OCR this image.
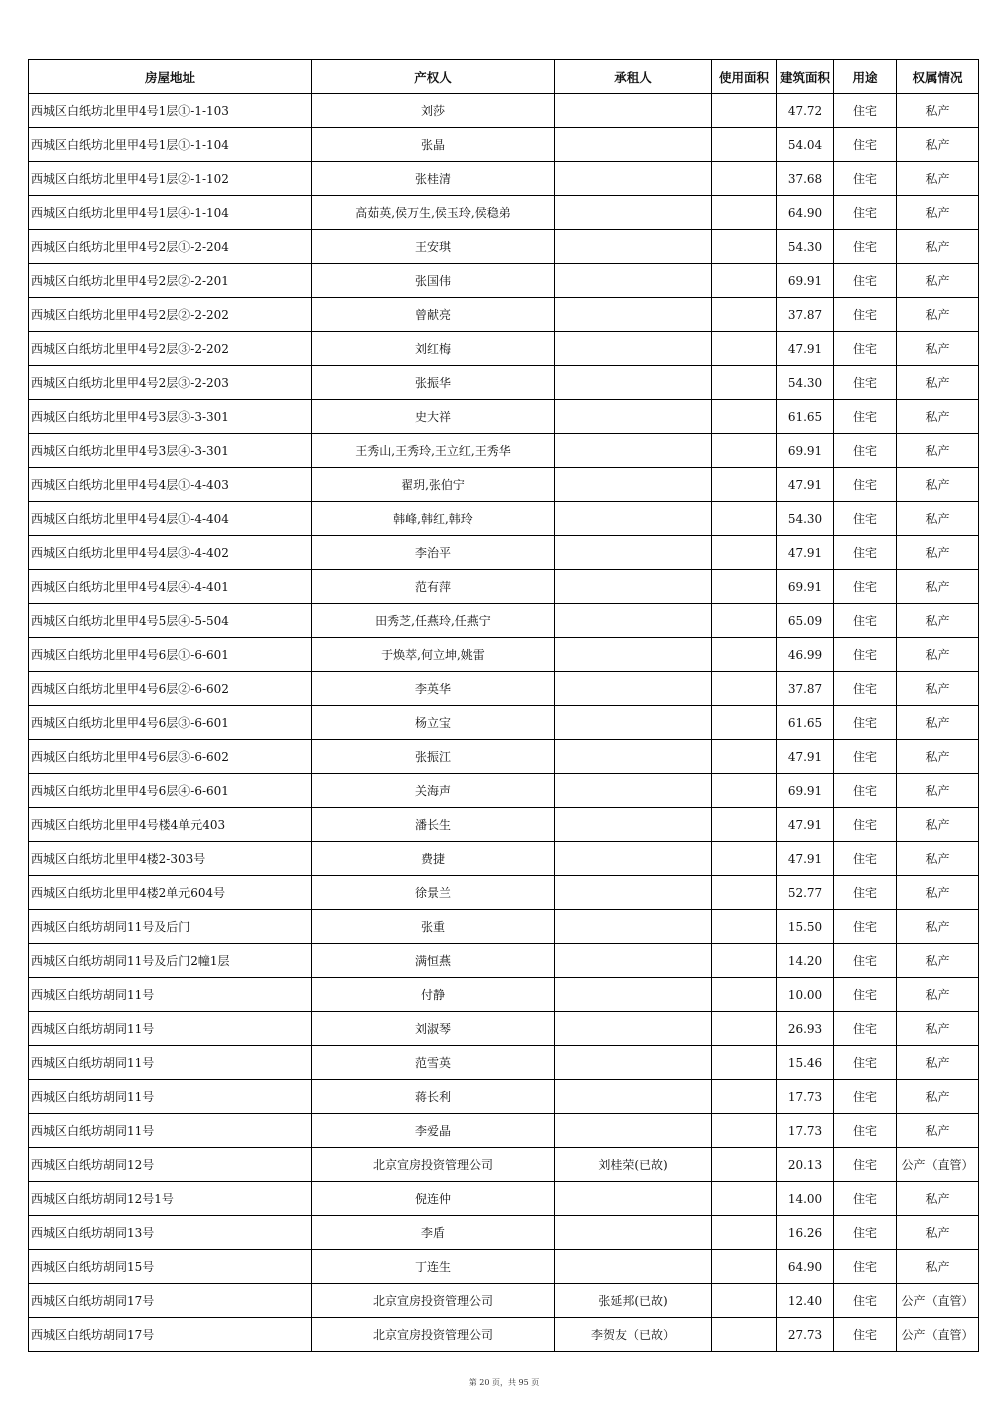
房屋地址	产权人	承租人	使用面积	建筑面积	用途	权属情况
西城区白纸坊北里甲4号1层①-1-103	刘莎			47.72	住宅	私产
西城区白纸坊北里甲4号1层①-1-104	张晶			54.04	住宅	私产
西城区白纸坊北里甲4号1层②-1-102	张桂清			37.68	住宅	私产
西城区白纸坊北里甲4号1层④-1-104	高茹英,侯万生,侯玉玲,侯稳弟			64.90	住宅	私产
西城区白纸坊北里甲4号2层①-2-204	王安琪			54.30	住宅	私产
西城区白纸坊北里甲4号2层②-2-201	张国伟			69.91	住宅	私产
西城区白纸坊北里甲4号2层②-2-202	曾献亮			37.87	住宅	私产
西城区白纸坊北里甲4号2层③-2-202	刘红梅			47.91	住宅	私产
西城区白纸坊北里甲4号2层③-2-203	张振华			54.30	住宅	私产
西城区白纸坊北里甲4号3层③-3-301	史大祥			61.65	住宅	私产
西城区白纸坊北里甲4号3层④-3-301	王秀山,王秀玲,王立红,王秀华			69.91	住宅	私产
西城区白纸坊北里甲4号4层①-4-403	翟玥,张伯宁			47.91	住宅	私产
西城区白纸坊北里甲4号4层①-4-404	韩峰,韩红,韩玲			54.30	住宅	私产
西城区白纸坊北里甲4号4层③-4-402	李治平			47.91	住宅	私产
西城区白纸坊北里甲4号4层④-4-401	范有萍			69.91	住宅	私产
西城区白纸坊北里甲4号5层④-5-504	田秀芝,任燕玲,任燕宁			65.09	住宅	私产
西城区白纸坊北里甲4号6层①-6-601	于焕萃,何立坤,姚雷			46.99	住宅	私产
西城区白纸坊北里甲4号6层②-6-602	李英华			37.87	住宅	私产
西城区白纸坊北里甲4号6层③-6-601	杨立宝			61.65	住宅	私产
西城区白纸坊北里甲4号6层③-6-602	张振江			47.91	住宅	私产
西城区白纸坊北里甲4号6层④-6-601	关海声			69.91	住宅	私产
西城区白纸坊北里甲4号楼4单元403	潘长生			47.91	住宅	私产
西城区白纸坊北里甲4楼2-303号	费捷			47.91	住宅	私产
西城区白纸坊北里甲4楼2单元604号	徐景兰			52.77	住宅	私产
西城区白纸坊胡同11号及后门	张重			15.50	住宅	私产
西城区白纸坊胡同11号及后门2幢1层	满恒燕			14.20	住宅	私产
西城区白纸坊胡同11号	付静			10.00	住宅	私产
西城区白纸坊胡同11号	刘淑琴			26.93	住宅	私产
西城区白纸坊胡同11号	范雪英			15.46	住宅	私产
西城区白纸坊胡同11号	蒋长利			17.73	住宅	私产
西城区白纸坊胡同11号	李爱晶			17.73	住宅	私产
西城区白纸坊胡同12号	北京宣房投资管理公司	刘桂荣(已故)		20.13	住宅	公产（直管）
西城区白纸坊胡同12号1号	倪连仲			14.00	住宅	私产
西城区白纸坊胡同13号	李盾			16.26	住宅	私产
西城区白纸坊胡同15号	丁连生			64.90	住宅	私产
西城区白纸坊胡同17号	北京宣房投资管理公司	张延邦(已故)		12.40	住宅	公产（直管）
西城区白纸坊胡同17号	北京宣房投资管理公司	李贺友（已故）		27.73	住宅	公产（直管）
第 20 页，共 95 页
